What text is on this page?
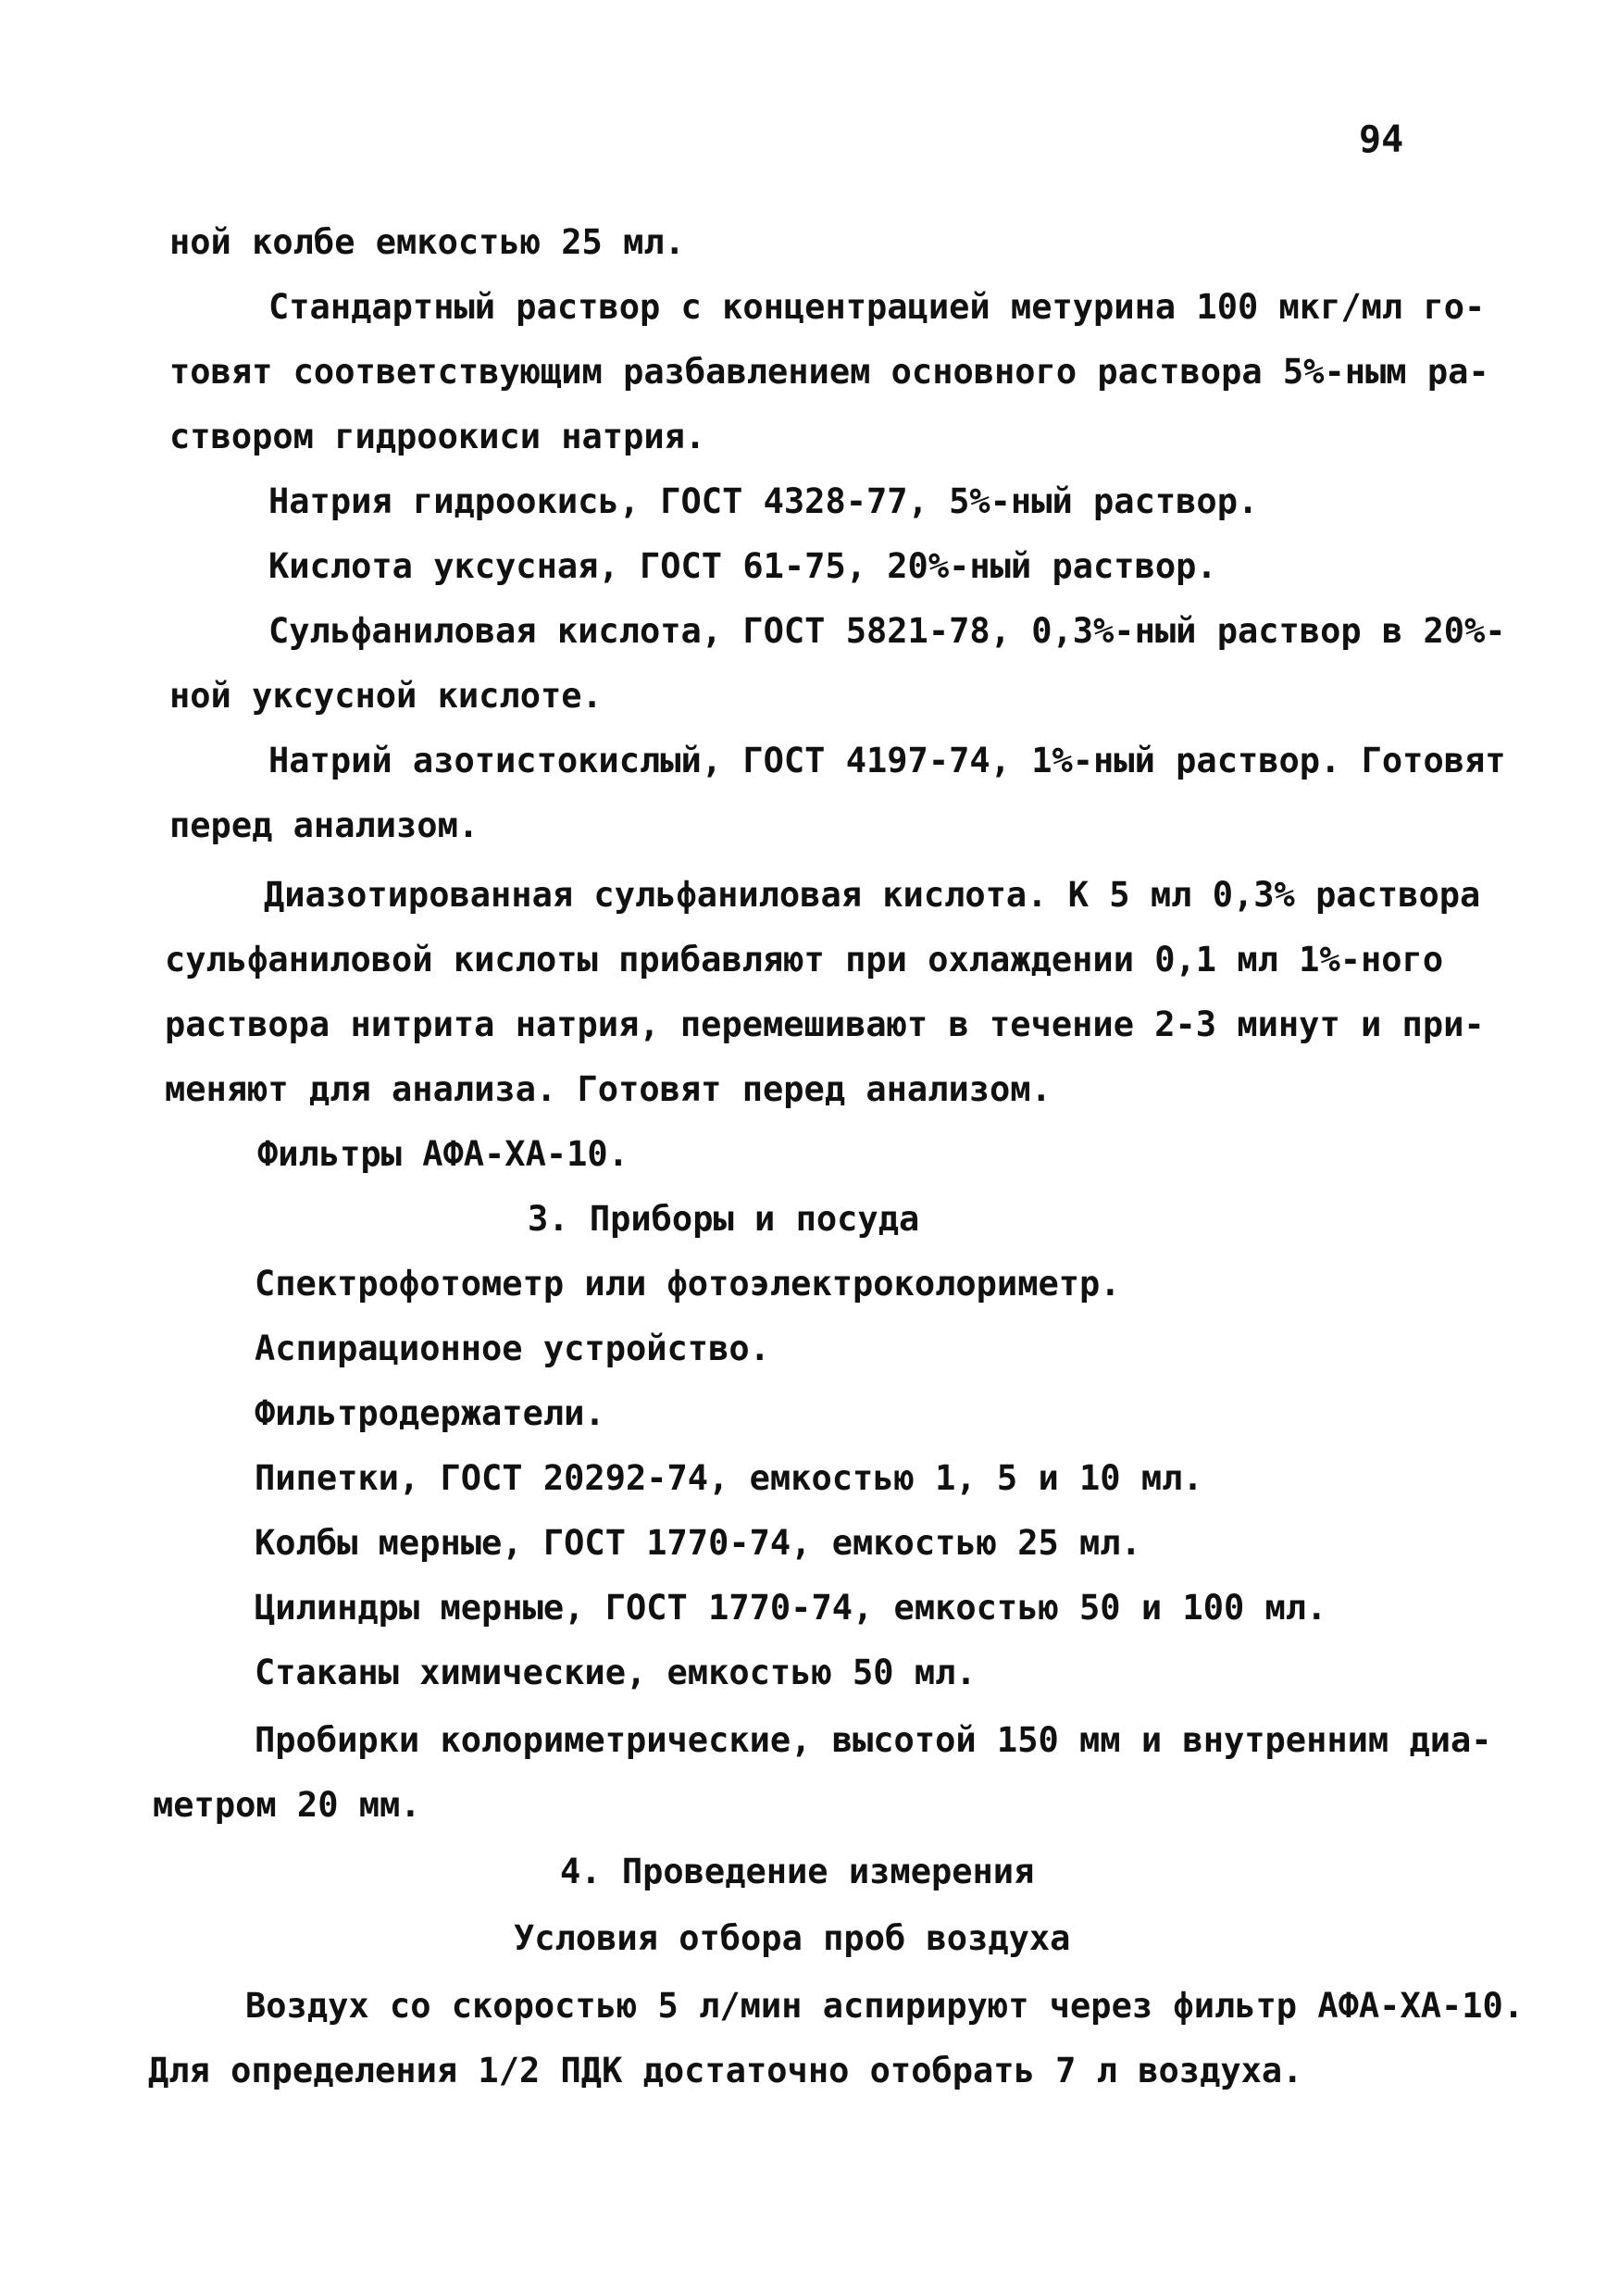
94
ной колбе емкостью 25 мл.
Стандартный раствор с концентрацией метурина 100 мкг/мл го-
товят соответствующим разбавлением основного раствора 5%-ным ра-
створом гидроокиси натрия.
Натрия гидроокись, ГОСТ 4328-77, 5%-ный раствор.
Кислота уксусная, ГОСТ 61-75, 20%-ный раствор.
Сульфаниловая кислота, ГОСТ 5821-78, 0,3%-ный раствор в 20%-
ной уксусной кислоте.
Натрий азотистокислый, ГОСТ 4197-74, 1%-ный раствор. Готовят
перед анализом.
Диазотированная сульфаниловая кислота. К 5 мл 0,3% раствора
сульфаниловой кислоты прибавляют при охлаждении 0,1 мл 1%-ного
раствора нитрита натрия, перемешивают в течение 2-3 минут и при-
меняют для анализа. Готовят перед анализом.
Фильтры АФА-ХА-10.
3. Приборы и посуда
Спектрофотометр или фотоэлектроколориметр.
Аспирационное устройство.
Фильтродержатели.
Пипетки, ГОСТ 20292-74, емкостью 1, 5 и 10 мл.
Колбы мерные, ГОСТ 1770-74, емкостью 25 мл.
Цилиндры мерные, ГОСТ 1770-74, емкостью 50 и 100 мл.
Стаканы химические, емкостью 50 мл.
Пробирки колориметрические, высотой 150 мм и внутренним диа-
метром 20 мм.
4. Проведение измерения
Условия отбора проб воздуха
Воздух со скоростью 5 л/мин аспирируют через фильтр АФА-ХА-10.
Для определения 1/2 ПДК достаточно отобрать 7 л воздуха.
